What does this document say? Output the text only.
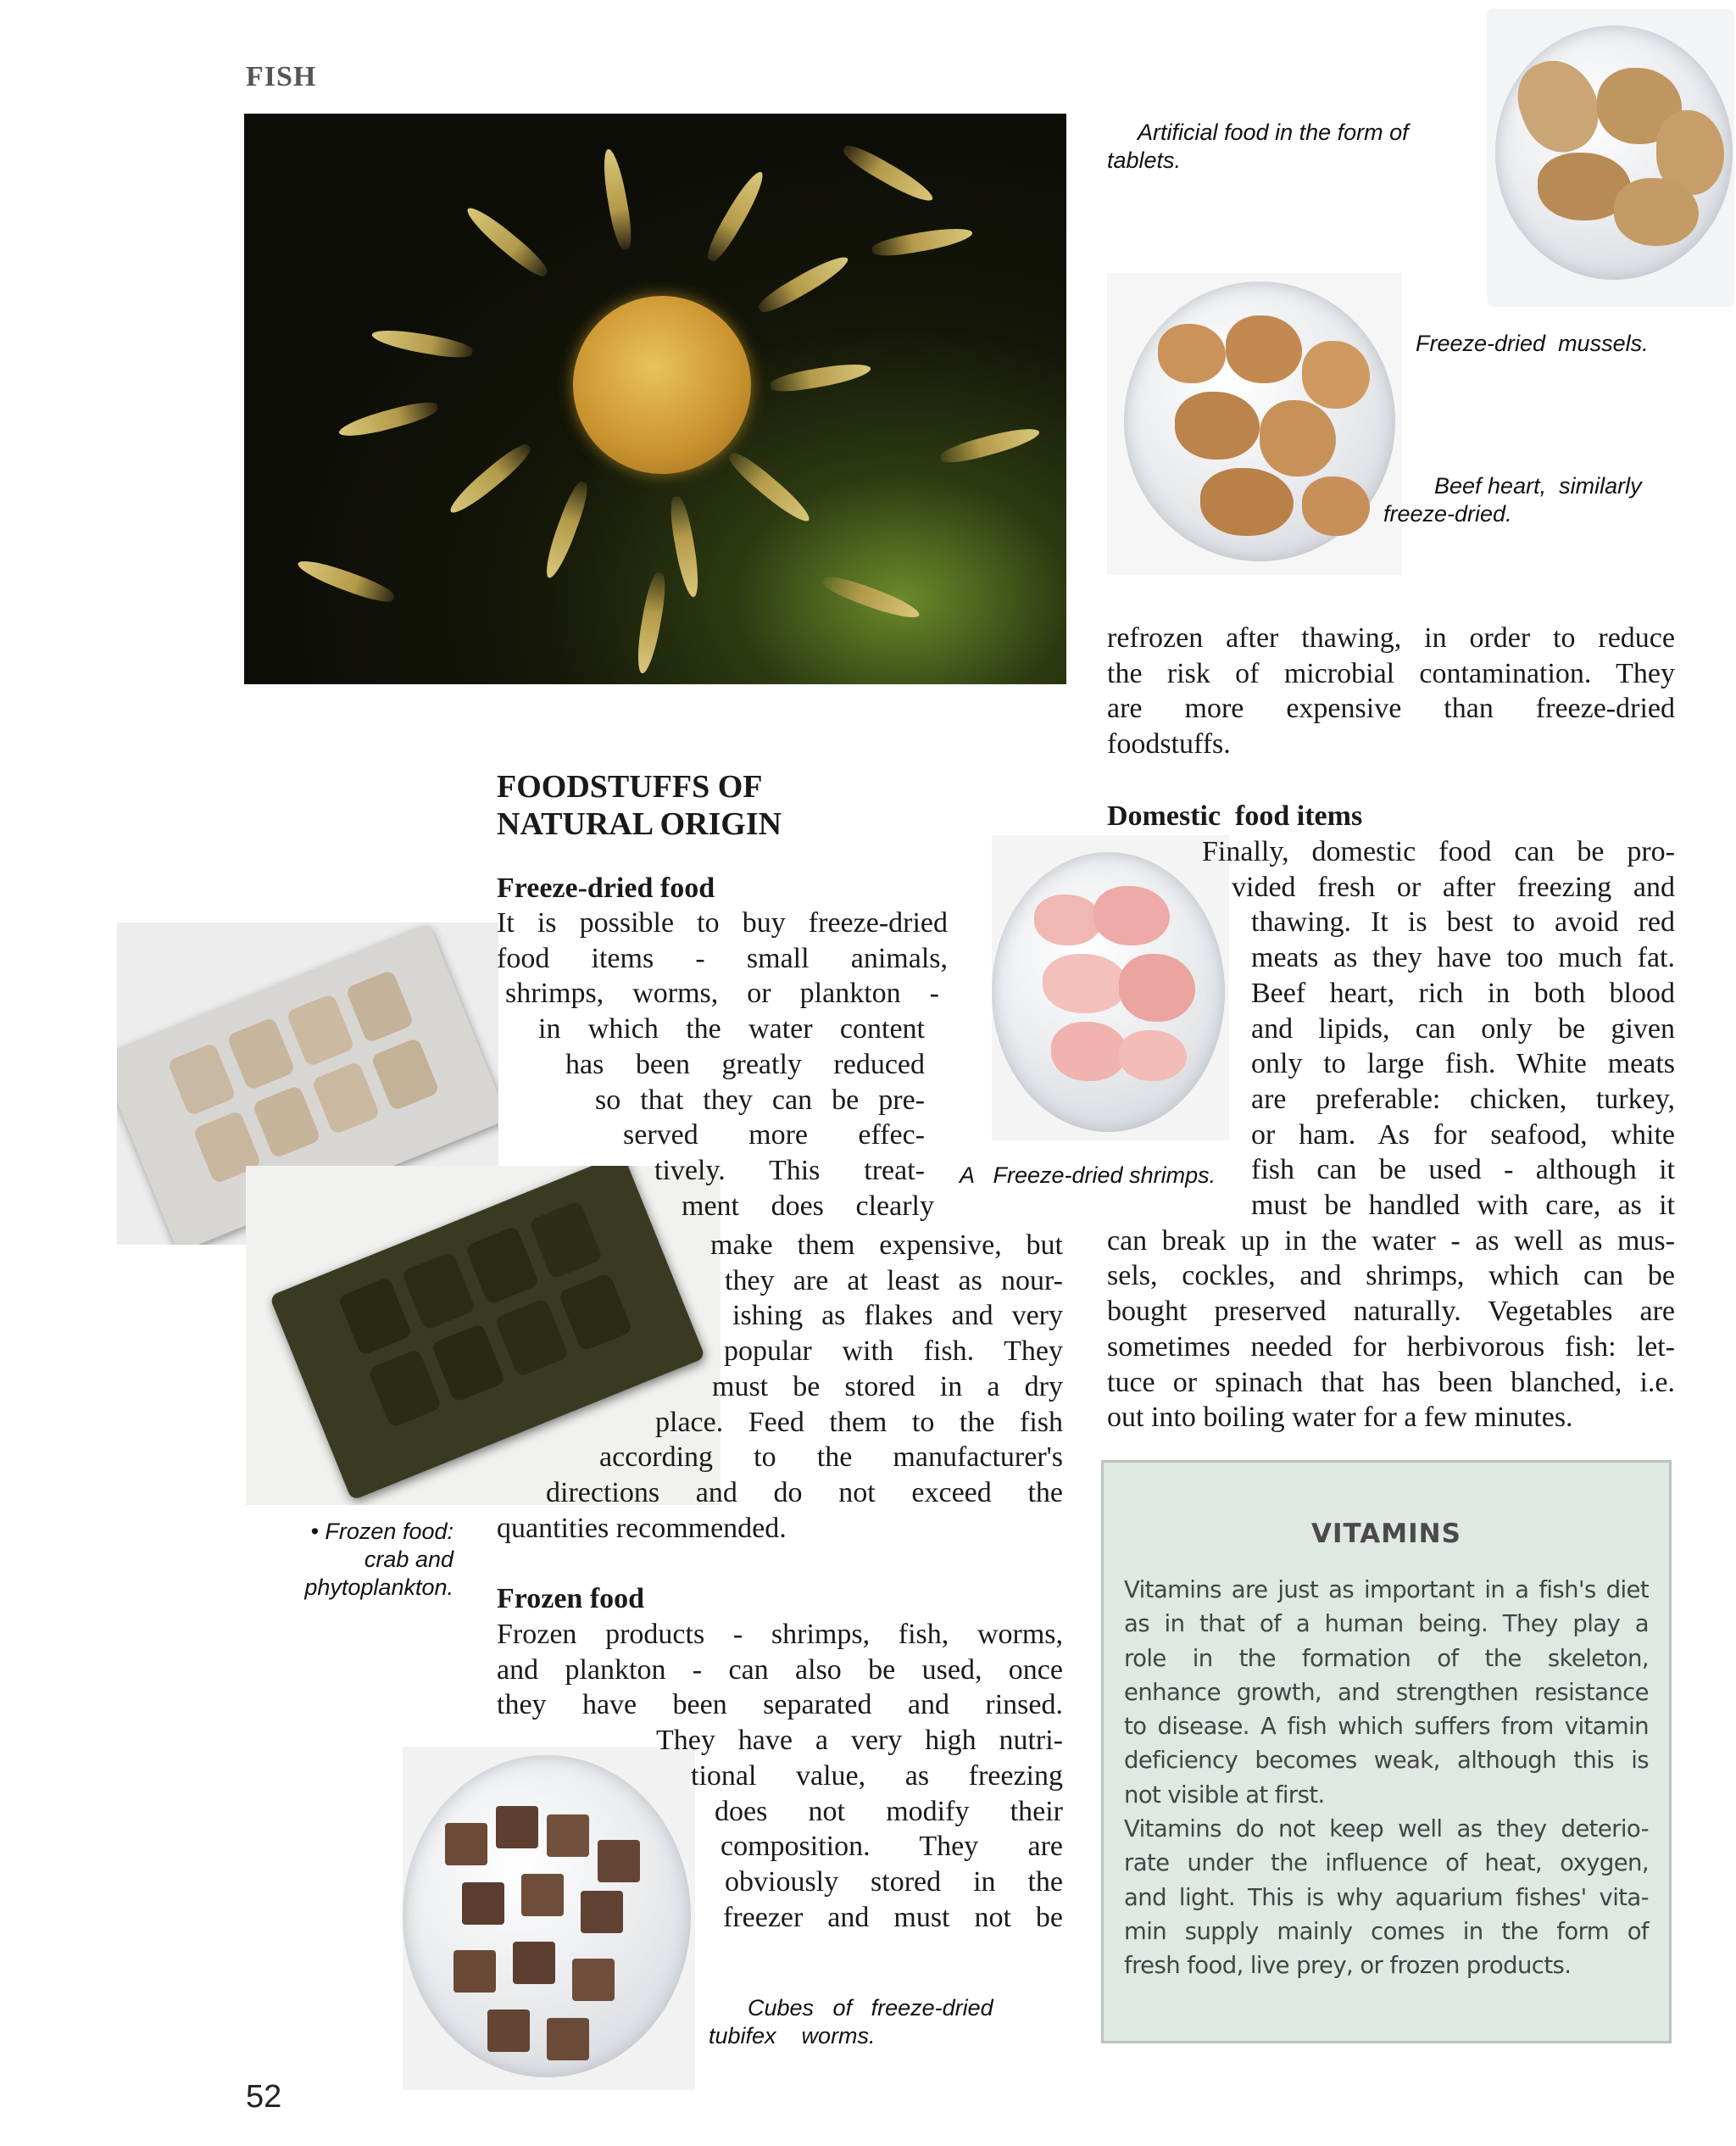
FISH
Artificial food in the form of
tablets.
Freeze-dried  mussels.
Beef heart,  similarly
freeze-dried.
A   Freeze-dried shrimps.
• Frozen food:
crab and
phytoplankton.
Cubes   of   freeze-dried
tubifex    worms.
FOODSTUFFS OF
NATURAL ORIGIN
Freeze-dried food
It is possible to buy freeze-dried
food items - small animals,
shrimps, worms, or plankton -
in which the water content
has been greatly reduced
so that they can be pre-
served more effec-
tively. This treat-
ment does clearly
make them expensive, but
they are at least as nour-
ishing as flakes and very
popular with fish. They
must be stored in a dry
place. Feed them to the fish
according to the manufacturer's
directions and do not exceed the
quantities recommended.
Frozen food
Frozen products - shrimps, fish, worms,
and plankton - can also be used, once
they have been separated and rinsed.
They have a very high nutri-
tional value, as freezing
does not modify their
composition. They are
obviously stored in the
freezer and must not be
refrozen after thawing, in order to reduce
the risk of microbial contamination. They
are more expensive than freeze-dried
foodstuffs.
Domestic  food items
Finally, domestic food can be pro-
vided fresh or after freezing and
thawing. It is best to avoid red
meats as they have too much fat.
Beef heart, rich in both blood
and lipids, can only be given
only to large fish. White meats
are preferable: chicken, turkey,
or ham. As for seafood, white
fish can be used - although it
must be handled with care, as it
can break up in the water - as well as mus-
sels, cockles, and shrimps, which can be
bought preserved naturally. Vegetables are
sometimes needed for herbivorous fish: let-
tuce or spinach that has been blanched, i.e.
out into boiling water for a few minutes.
VITAMINS
Vitamins are just as important in a fish's diet
as in that of a human being. They play a
role in the formation of the skeleton,
enhance growth, and strengthen resistance
to disease. A fish which suffers from vitamin
deficiency becomes weak, although this is
not visible at first.
Vitamins do not keep well as they deterio-
rate under the influence of heat, oxygen,
and light. This is why aquarium fishes' vita-
min supply mainly comes in the form of
fresh food, live prey, or frozen products.
52
